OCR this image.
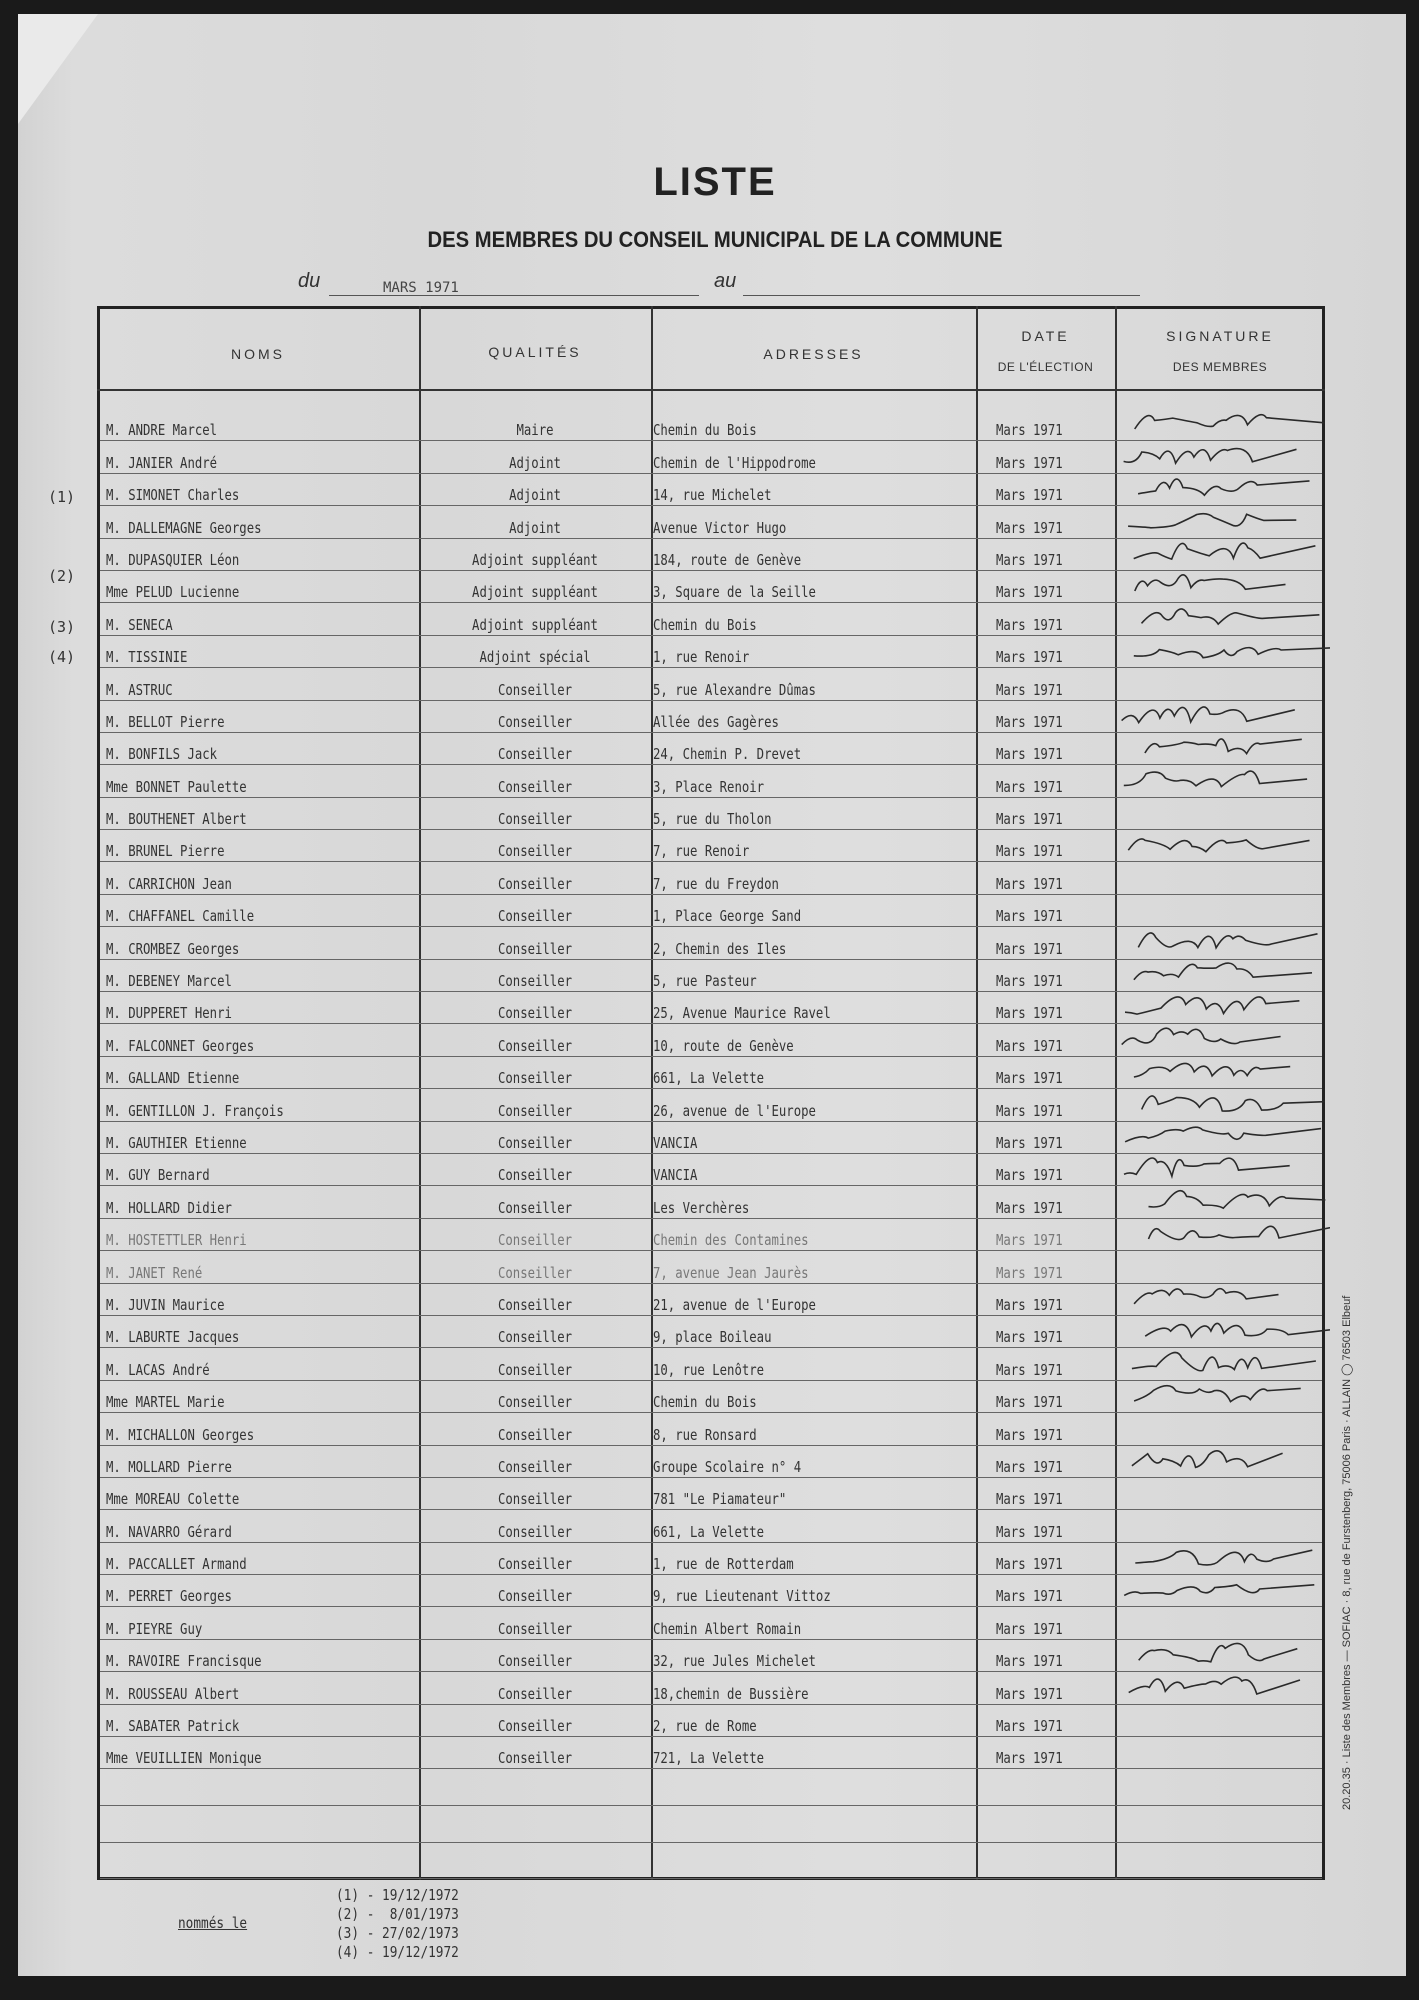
LISTE
DES MEMBRES DU CONSEIL MUNICIPAL DE LA COMMUNE
du	MARS 1971	au
NOMS	QUALITÉS	ADRESSES
DATE
DE L'ÉLECTION
SIGNATURE
DES MEMBRES
M. ANDRE Marcel	Maire	Chemin du Bois	Mars 1971
M. JANIER André	Adjoint	Chemin de l'Hippodrome	Mars 1971
M. SIMONET Charles	Adjoint	14, rue Michelet	Mars 1971
M. DALLEMAGNE Georges	Adjoint	Avenue Victor Hugo	Mars 1971
M. DUPASQUIER Léon	Adjoint suppléant	184, route de Genève	Mars 1971
Mme PELUD Lucienne	Adjoint suppléant	3, Square de la Seille	Mars 1971
M. SENECA	Adjoint suppléant	Chemin du Bois	Mars 1971
M. TISSINIE	Adjoint spécial	1, rue Renoir	Mars 1971
M. ASTRUC	Conseiller	5, rue Alexandre Dûmas	Mars 1971
M. BELLOT Pierre	Conseiller	Allée des Gagères	Mars 1971
M. BONFILS Jack	Conseiller	24, Chemin P. Drevet	Mars 1971
Mme BONNET Paulette	Conseiller	3, Place Renoir	Mars 1971
M. BOUTHENET Albert	Conseiller	5, rue du Tholon	Mars 1971
M. BRUNEL Pierre	Conseiller	7, rue Renoir	Mars 1971
M. CARRICHON Jean	Conseiller	7, rue du Freydon	Mars 1971
M. CHAFFANEL Camille	Conseiller	1, Place George Sand	Mars 1971
M. CROMBEZ Georges	Conseiller	2, Chemin des Iles	Mars 1971
M. DEBENEY Marcel	Conseiller	5, rue Pasteur	Mars 1971
M. DUPPERET Henri	Conseiller	25, Avenue Maurice Ravel	Mars 1971
M. FALCONNET Georges	Conseiller	10, route de Genève	Mars 1971
M. GALLAND Etienne	Conseiller	661, La Velette	Mars 1971
M. GENTILLON J. François	Conseiller	26, avenue de l'Europe	Mars 1971
M. GAUTHIER Etienne	Conseiller	VANCIA	Mars 1971
M. GUY Bernard	Conseiller	VANCIA	Mars 1971
M. HOLLARD Didier	Conseiller	Les Verchères	Mars 1971
M. HOSTETTLER Henri	Conseiller	Chemin des Contamines	Mars 1971
M. JANET René	Conseiller	7, avenue Jean Jaurès	Mars 1971
M. JUVIN Maurice	Conseiller	21, avenue de l'Europe	Mars 1971
M. LABURTE Jacques	Conseiller	9, place Boileau	Mars 1971
M. LACAS André	Conseiller	10, rue Lenôtre	Mars 1971
Mme MARTEL Marie	Conseiller	Chemin du Bois	Mars 1971
M. MICHALLON Georges	Conseiller	8, rue Ronsard	Mars 1971
M. MOLLARD Pierre	Conseiller	Groupe Scolaire n° 4	Mars 1971
Mme MOREAU Colette	Conseiller	781 "Le Piamateur"	Mars 1971
M. NAVARRO Gérard	Conseiller	661, La Velette	Mars 1971
M. PACCALLET Armand	Conseiller	1, rue de Rotterdam	Mars 1971
M. PERRET Georges	Conseiller	9, rue Lieutenant Vittoz	Mars 1971
M. PIEYRE Guy	Conseiller	Chemin Albert Romain	Mars 1971
M. RAVOIRE Francisque	Conseiller	32, rue Jules Michelet	Mars 1971
M. ROUSSEAU Albert	Conseiller	18,chemin de Bussière	Mars 1971
M. SABATER Patrick	Conseiller	2, rue de Rome	Mars 1971
Mme VEUILLIEN Monique	Conseiller	721, La Velette	Mars 1971
(1)
(2)
(3)
(4)
nommés le
(1) - 19/12/1972
(2) -  8/01/1973
(3) - 27/02/1973
(4) - 19/12/1972
20.20.35 · Liste des Membres — SOFIAC · 8, rue de Furstenberg, 75006 Paris · ALLAIN ◯ 76503 Elbeuf
